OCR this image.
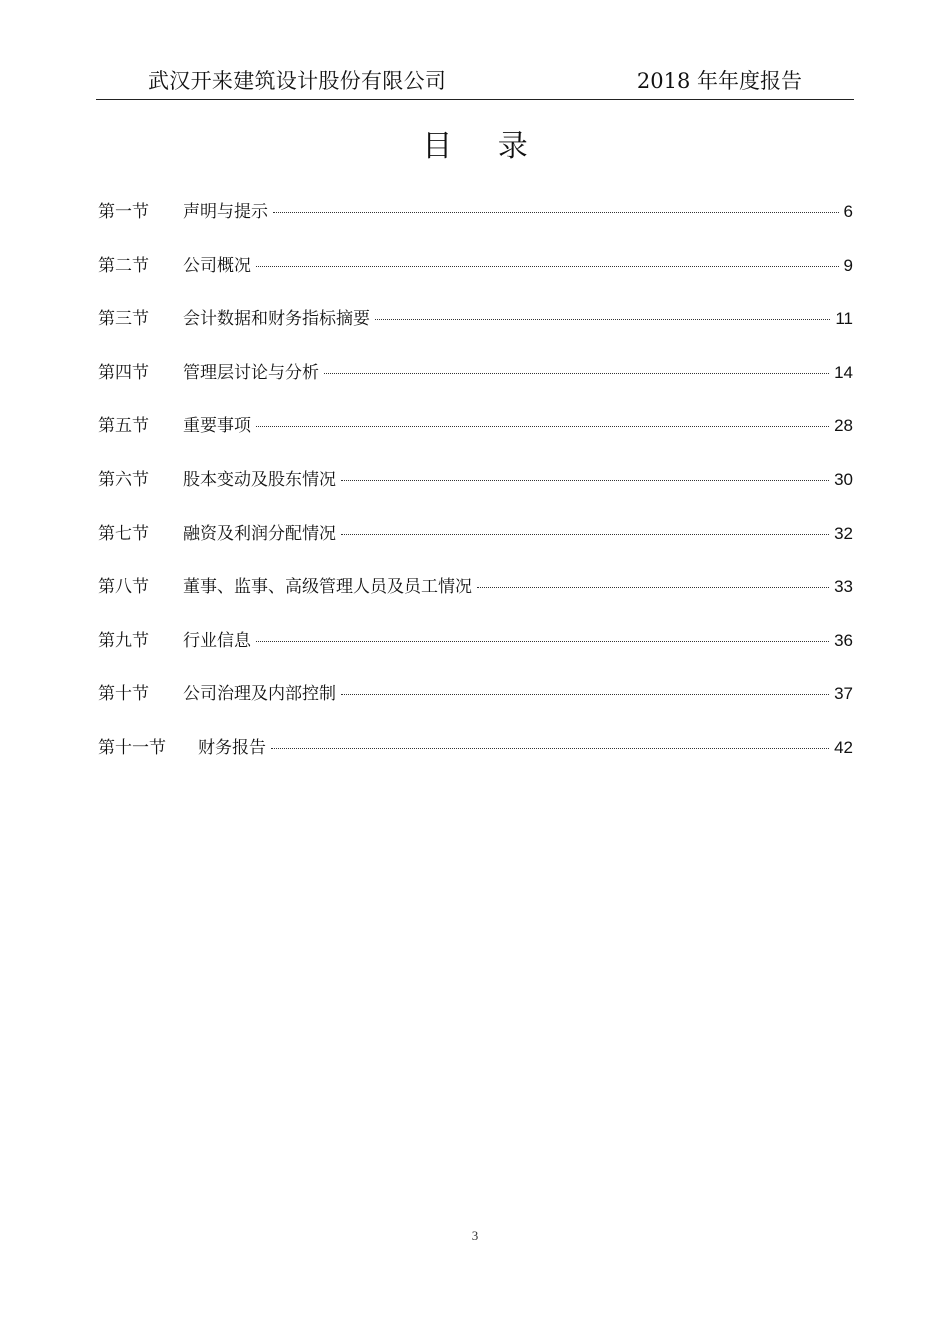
武汉开来建筑设计股份有限公司	2018 年年度报告
目 录
第一节	声明与提示	6
第二节	公司概况	9
第三节	会计数据和财务指标摘要	11
第四节	管理层讨论与分析	14
第五节	重要事项	28
第六节	股本变动及股东情况	30
第七节	融资及利润分配情况	32
第八节	董事、监事、高级管理人员及员工情况	33
第九节	行业信息	36
第十节	公司治理及内部控制	37
第十一节	财务报告	42
3
